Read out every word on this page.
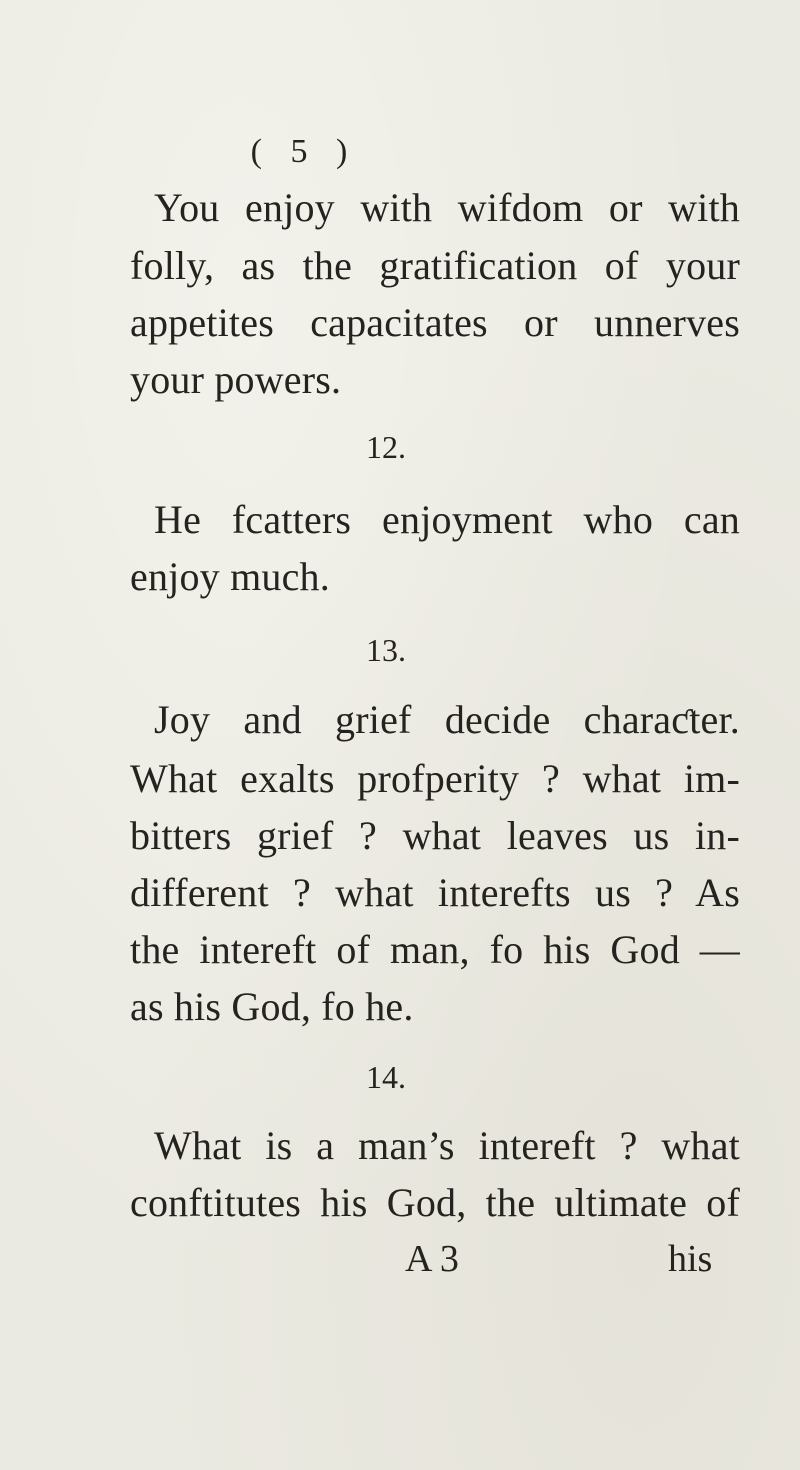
( 5 )
You enjoy with wifdom or with
folly, as the gratification of your
appetites capacitates or unnerves
your powers.
12.
He fcatters enjoyment who can
enjoy much.
13.
Joy and grief decide charaƈter.
What exalts profperity ? what im-
bitters grief ? what leaves us in-
different ? what interefts us ? As
the intereft of man, fo his God —
as his God, fo he.
14.
What is a man’s intereft ? what
conftitutes his God, the ultimate of
A 3	his
